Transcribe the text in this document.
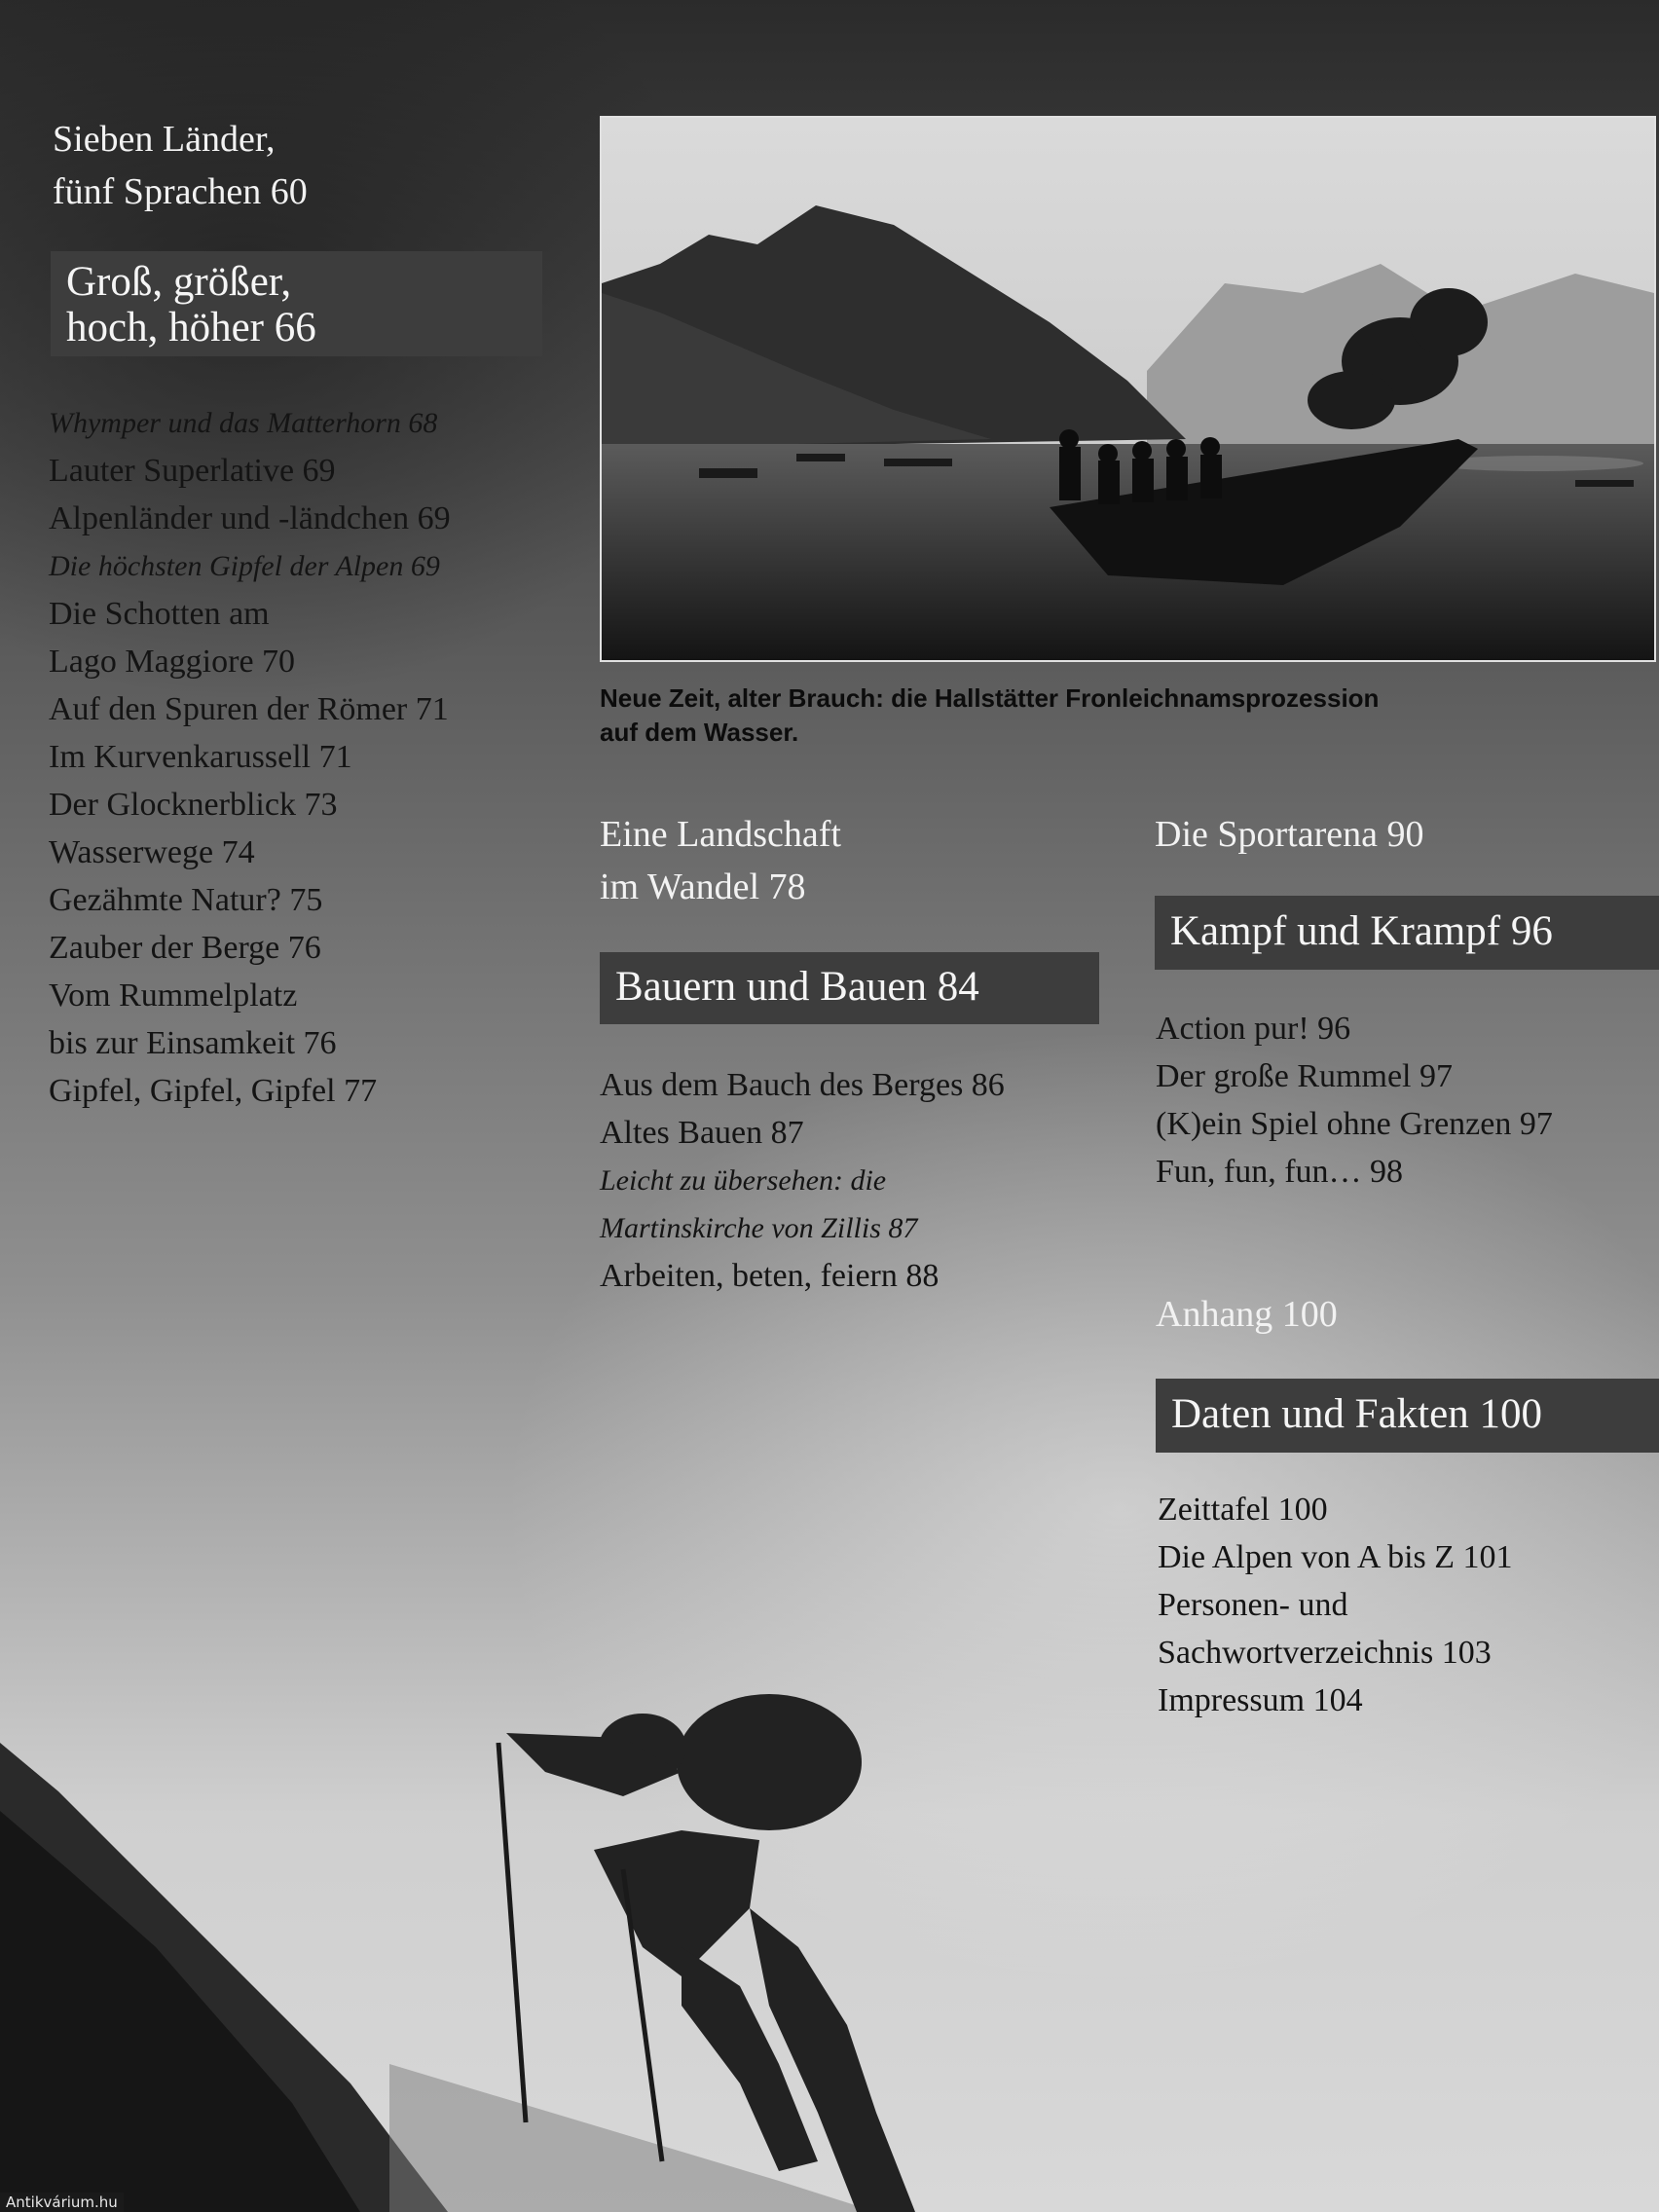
Sieben Länder,
fünf Sprachen 60
Groß, größer,
hoch, höher 66
Whymper und das Matterhorn 68
Lauter Superlative 69
Alpenländer und -ländchen 69
Die höchsten Gipfel der Alpen 69
Die Schotten am
Lago Maggiore 70
Auf den Spuren der Römer 71
Im Kurvenkarussell 71
Der Glocknerblick 73
Wasserwege 74
Gezähmte Natur? 75
Zauber der Berge 76
Vom Rummelplatz
bis zur Einsamkeit 76
Gipfel, Gipfel, Gipfel 77
Neue Zeit, alter Brauch: die Hallstätter Fronleichnamsprozession
auf dem Wasser.
Eine Landschaft
im Wandel 78
Bauern und Bauen 84
Aus dem Bauch des Berges 86
Altes Bauen 87
Leicht zu übersehen: die
Martinskirche von Zillis 87
Arbeiten, beten, feiern 88
Die Sportarena 90
Kampf und Krampf 96
Action pur! 96
Der große Rummel 97
(K)ein Spiel ohne Grenzen 97
Fun, fun, fun… 98
Anhang 100
Daten und Fakten 100
Zeittafel 100
Die Alpen von A bis Z 101
Personen- und
Sachwortverzeichnis 103
Impressum 104
Antikvárium.hu
